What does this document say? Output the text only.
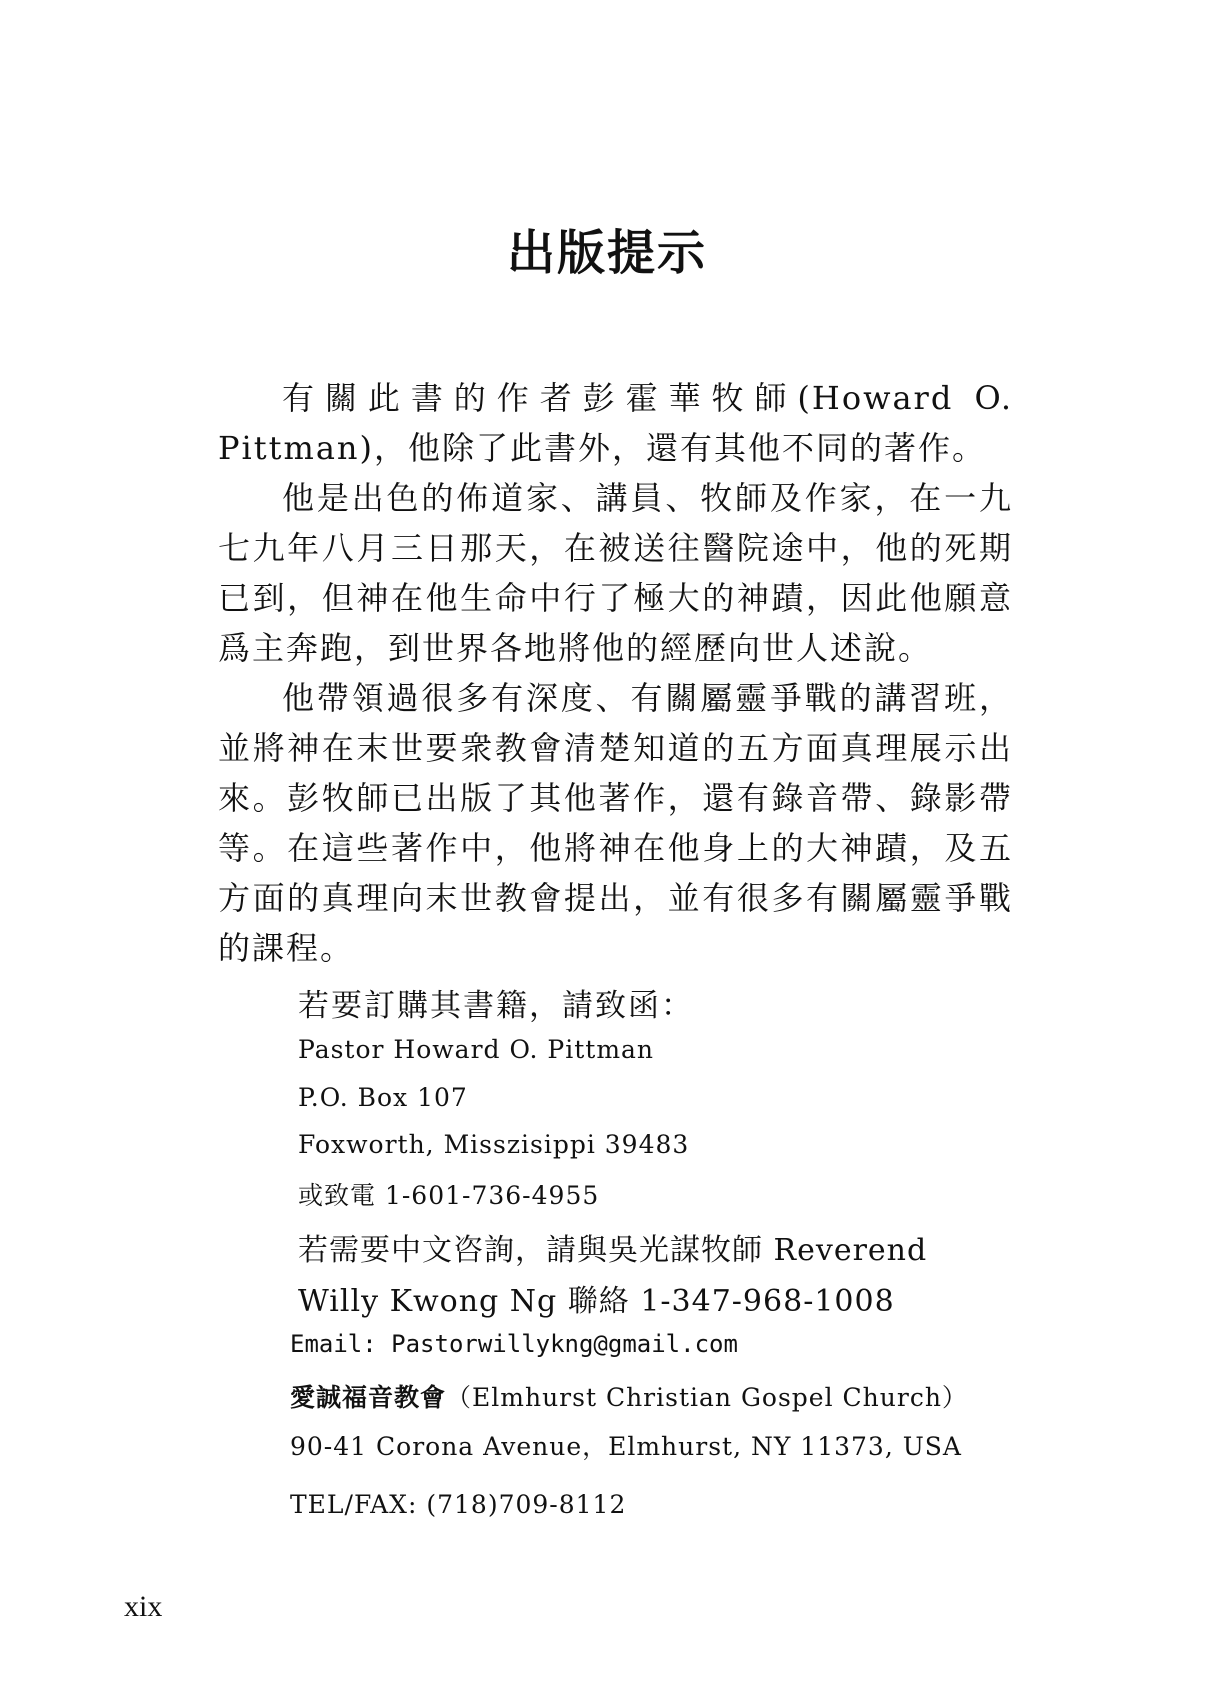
出版提示

有關此書的作者彭霍華牧師(Howard O. Pittman)，他除了此書外，還有其他不同的著作。

他是出色的佈道家、講員、牧師及作家，在一九七九年八月三日那天，在被送往醫院途中，他的死期已到，但神在他生命中行了極大的神蹟，因此他願意爲主奔跑，到世界各地將他的經歷向世人述說。

他帶領過很多有深度、有關屬靈爭戰的講習班，並將神在末世要衆教會清楚知道的五方面真理展示出來。彭牧師已出版了其他著作，還有錄音帶、錄影帶等。在這些著作中，他將神在他身上的大神蹟，及五方面的真理向末世教會提出，並有很多有關屬靈爭戰的課程。

若要訂購其書籍，請致函：
Pastor Howard O. Pittman
P.O. Box 107
Foxworth, Misszisippi 39483
或致電 1-601-736-4955
若需要中文咨詢，請與吳光謀牧師 Reverend
Willy Kwong Ng 聯絡 1-347-968-1008
Email: Pastorwillykng@gmail.com
愛誠福音教會（Elmhurst Christian Gospel Church）
90-41 Corona Avenue，Elmhurst, NY 11373, USA
TEL/FAX: (718)709-8112
xix
